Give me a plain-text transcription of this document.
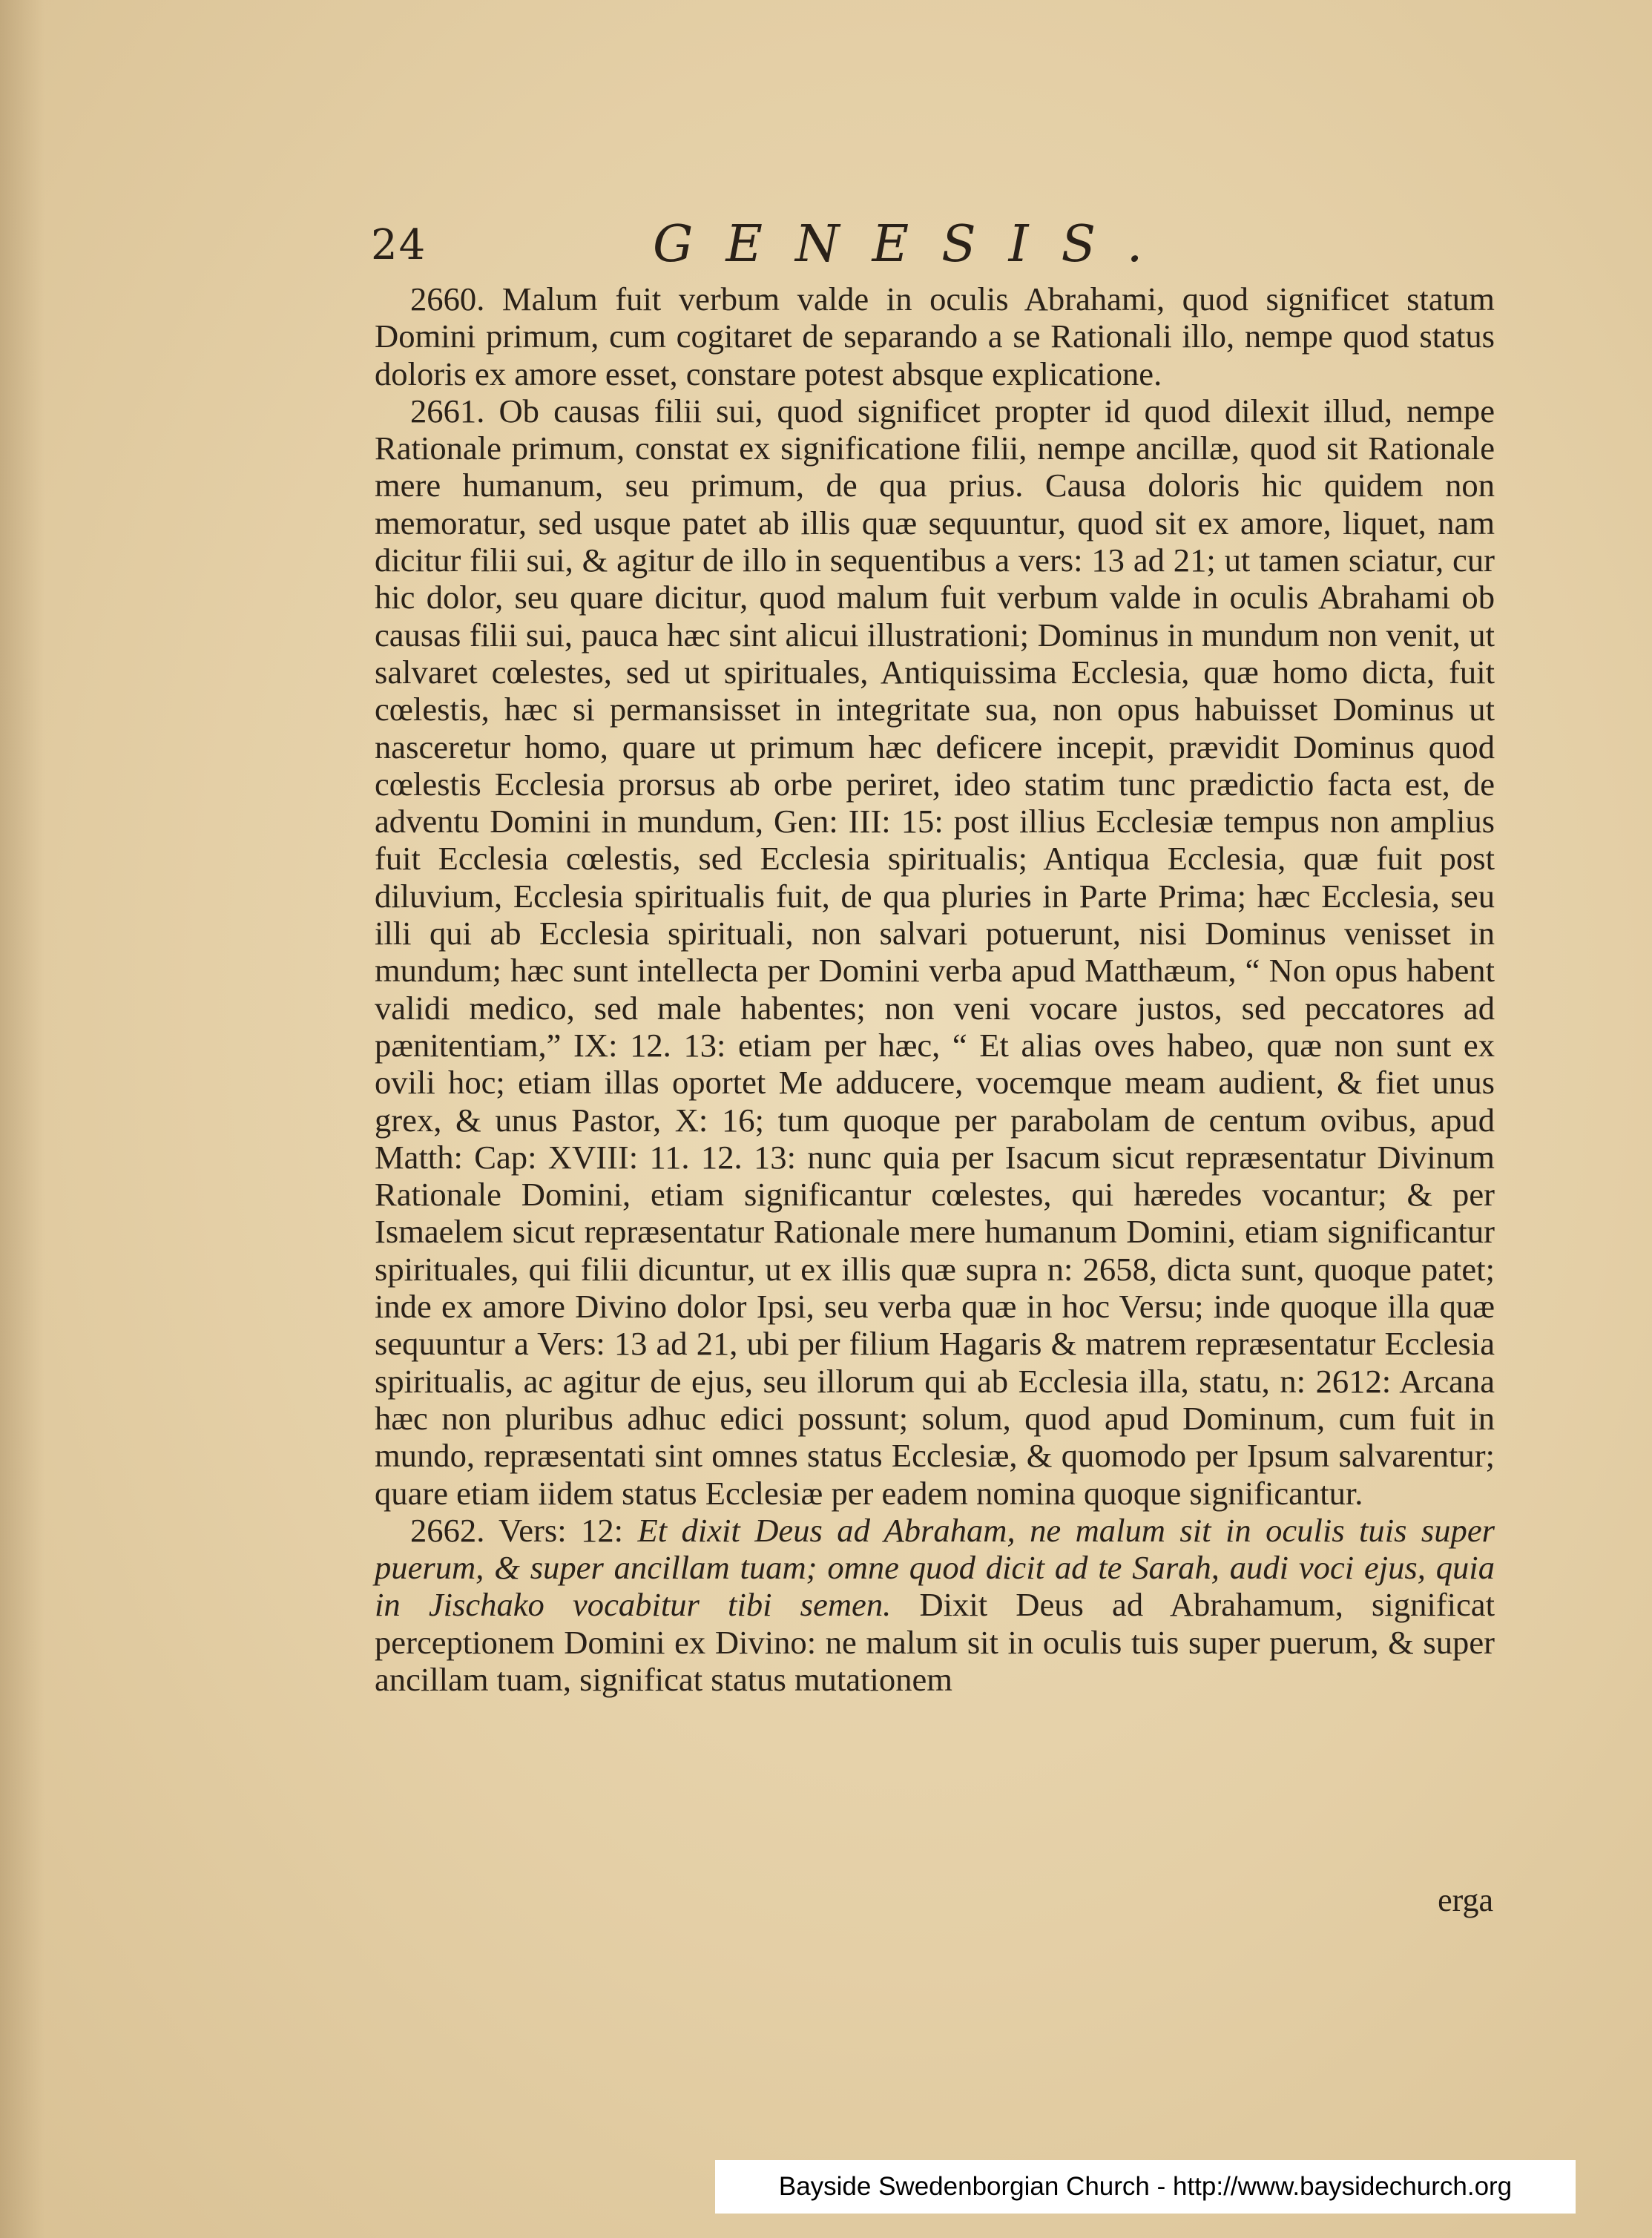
24	GENESIS.

2660. Malum fuit verbum valde in oculis Abrahami, quod significet statum Domini primum, cum cogitaret de separando a se Rationali illo, nempe quod status doloris ex amore esset, constare potest absque explicatione.

2661. Ob causas filii sui, quod significet propter id quod dilexit illud, nempe Rationale primum, constat ex significatione filii, nempe ancillæ, quod sit Rationale mere humanum, seu primum, de qua prius. Causa doloris hic quidem non memoratur, sed usque patet ab illis quæ sequuntur, quod sit ex amore, liquet, nam dicitur filii sui, & agitur de illo in sequentibus a vers: 13 ad 21; ut tamen sciatur, cur hic dolor, seu quare dicitur, quod malum fuit verbum valde in oculis Abrahami ob causas filii sui, pauca hæc sint alicui illustrationi; Dominus in mundum non venit, ut salvaret cœlestes, sed ut spirituales, Antiquissima Ecclesia, quæ homo dicta, fuit cœlestis, hæc si permansisset in integritate sua, non opus habuisset Dominus ut nasceretur homo, quare ut primum hæc deficere incepit, prævidit Dominus quod cœlestis Ecclesia prorsus ab orbe periret, ideo statim tunc prædictio facta est, de adventu Domini in mundum, Gen: III: 15: post illius Ecclesiæ tempus non amplius fuit Ecclesia cœlestis, sed Ecclesia spiritualis; Antiqua Ecclesia, quæ fuit post diluvium, Ecclesia spiritualis fuit, de qua pluries in Parte Prima; hæc Ecclesia, seu illi qui ab Ecclesia spirituali, non salvari potuerunt, nisi Dominus venisset in mundum; hæc sunt intellecta per Domini verba apud Matthæum, “ Non opus habent validi medico, sed male habentes; non veni vocare justos, sed peccatores ad pænitentiam,” IX: 12. 13: etiam per hæc, “ Et alias oves habeo, quæ non sunt ex ovili hoc; etiam illas oportet Me adducere, vocemque meam audient, & fiet unus grex, & unus Pastor, X: 16; tum quoque per parabolam de centum ovibus, apud Matth: Cap: XVIII: 11. 12. 13: nunc quia per Isacum sicut repræsentatur Divinum Rationale Domini, etiam significantur cœlestes, qui hæredes vocantur; & per Ismaelem sicut repræsentatur Rationale mere humanum Domini, etiam significantur spirituales, qui filii dicuntur, ut ex illis quæ supra n: 2658, dicta sunt, quoque patet; inde ex amore Divino dolor Ipsi, seu verba quæ in hoc Versu; inde quoque illa quæ sequuntur a Vers: 13 ad 21, ubi per filium Hagaris & matrem repræsentatur Ecclesia spiritualis, ac agitur de ejus, seu illorum qui ab Ecclesia illa, statu, n: 2612: Arcana hæc non pluribus adhuc edici possunt; solum, quod apud Dominum, cum fuit in mundo, repræsentati sint omnes status Ecclesiæ, & quomodo per Ipsum salvarentur; quare etiam iidem status Ecclesiæ per eadem nomina quoque significantur.

2662. Vers: 12: Et dixit Deus ad Abraham, ne malum sit in oculis tuis super puerum, & super ancillam tuam; omne quod dicit ad te Sarah, audi voci ejus, quia in Jischako vocabitur tibi semen. Dixit Deus ad Abrahamum, significat perceptionem Domini ex Divino: ne malum sit in oculis tuis super puerum, & super ancillam tuam, significat status mutationem

erga
Bayside Swedenborgian Church - http://www.baysidechurch.org
